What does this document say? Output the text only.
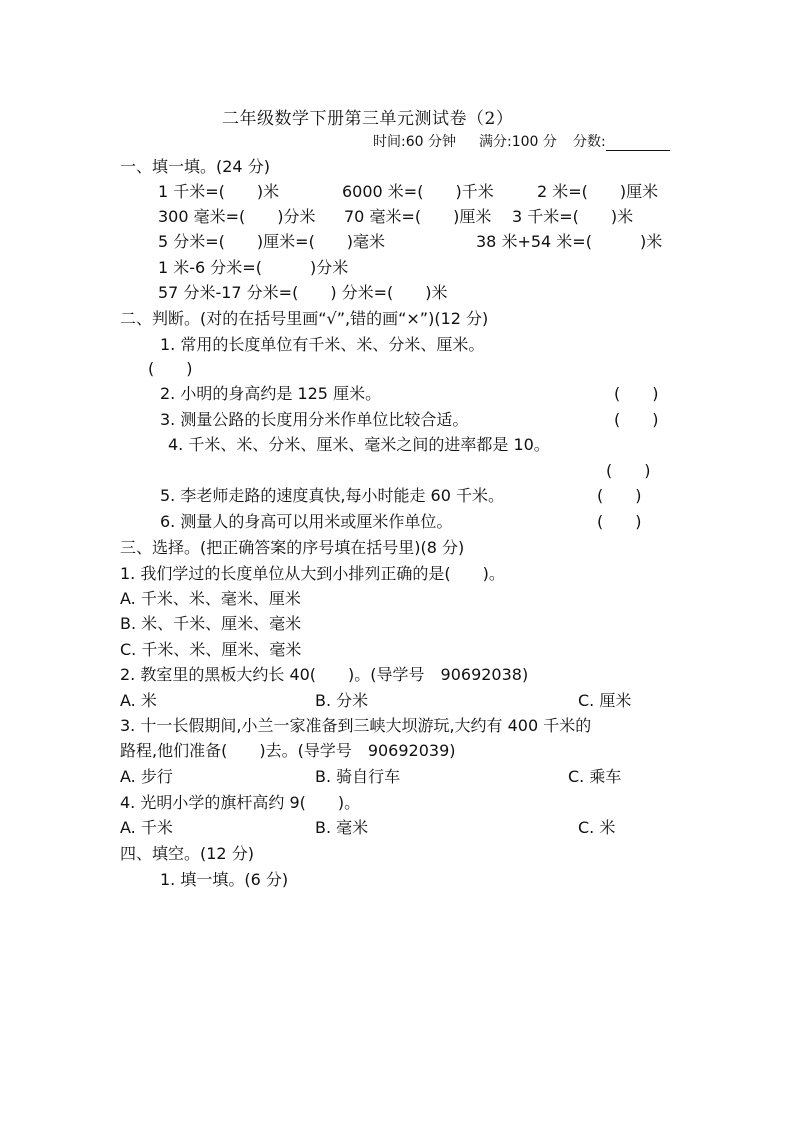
二年级数学下册第三单元测试卷（2）
时间:60 分钟 满分:100 分 分数:
一、填一填。(24 分)
1 千米=(　　)米	6000 米=(　　)千米	2 米=(　　)厘米
300 毫米=(　　)分米 70 毫米=(　　)厘米 3 千米=(　　)米
5 分米=(　　)厘米=(　　)毫米	38 米+54 米=(　　　)米
1 米-6 分米=(　　　)分米
57 分米-17 分米=(　　) 分米=(　　)米
二、判断。(对的在括号里画“√”,错的画“×”)(12 分)
1. 常用的长度单位有千米、米、分米、厘米。
(　　)
2. 小明的身高约是 125 厘米。	(　　)
3. 测量公路的长度用分米作单位比较合适。	(　　)
4. 千米、米、分米、厘米、毫米之间的进率都是 10。
(　　)
5. 李老师走路的速度真快,每小时能走 60 千米。	(　　)
6. 测量人的身高可以用米或厘米作单位。	(　　)
三、选择。(把正确答案的序号填在括号里)(8 分)
1. 我们学过的长度单位从大到小排列正确的是(　　)。
A. 千米、米、毫米、厘米
B. 米、千米、厘米、毫米
C. 千米、米、厘米、毫米
2. 教室里的黑板大约长 40(　　)。(导学号　90692038)
A. 米	B. 分米	C. 厘米
3. 十一长假期间,小兰一家准备到三峡大坝游玩,大约有 400 千米的
路程,他们准备(　　)去。(导学号　90692039)
A. 步行	B. 骑自行车	C. 乘车
4. 光明小学的旗杆高约 9(　　)。
A. 千米	B. 毫米	C. 米
四、填空。(12 分)
1. 填一填。(6 分)
